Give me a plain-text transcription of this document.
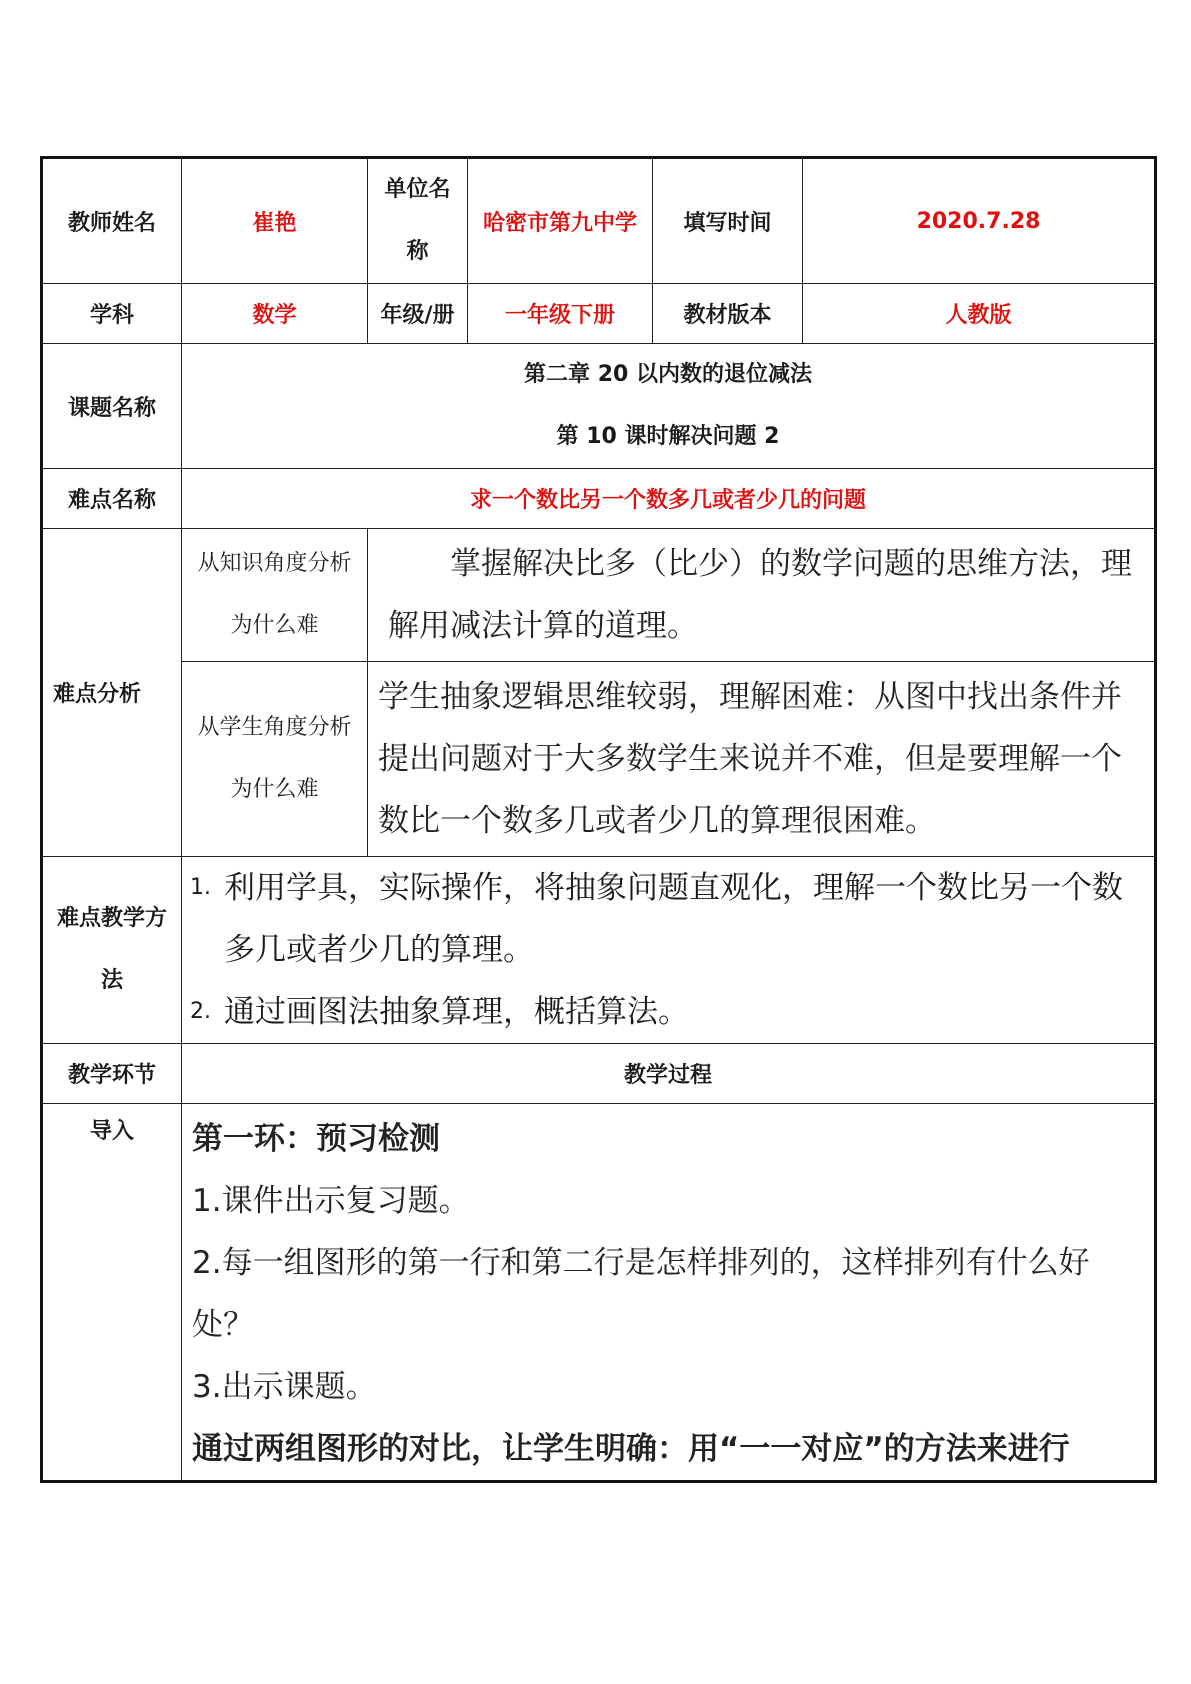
教师姓名	崔艳	单位名称	哈密市第九中学	填写时间	2020.7.28
学科	数学	年级/册	一年级下册	教材版本	人教版
课题名称	第二章 20 以内数的退位减法
第 10 课时解决问题 2				

难点名称	求一个数比另一个数多几或者少几的问题				
难点分析	从知识角度分析为什么难	掌握解决比多（比少）的数学问题的思维方法，理解用减法计算的道理。			

	从学生角度分析为什么难	学生抽象逻辑思维较弱，理解困难：从图中找出条件并提出问题对于大多数学生来说并不难，但是要理解一个数比一个数多几或者少几的算理很困难。			

难点教学方法	1. 利用学具，实际操作，将抽象问题直观化，理解一个数比另一个数多几或者少几的算理。
2. 通过画图法抽象算理，概括算法。				

教学环节	教学过程				
导入	第一环：预习检测
1.课件出示复习题。
2.每一组图形的第一行和第二行是怎样排列的，这样排列有什么好处？
3.出示课题。
通过两组图形的对比，让学生明确：用“一一对应”的方法来进行				
